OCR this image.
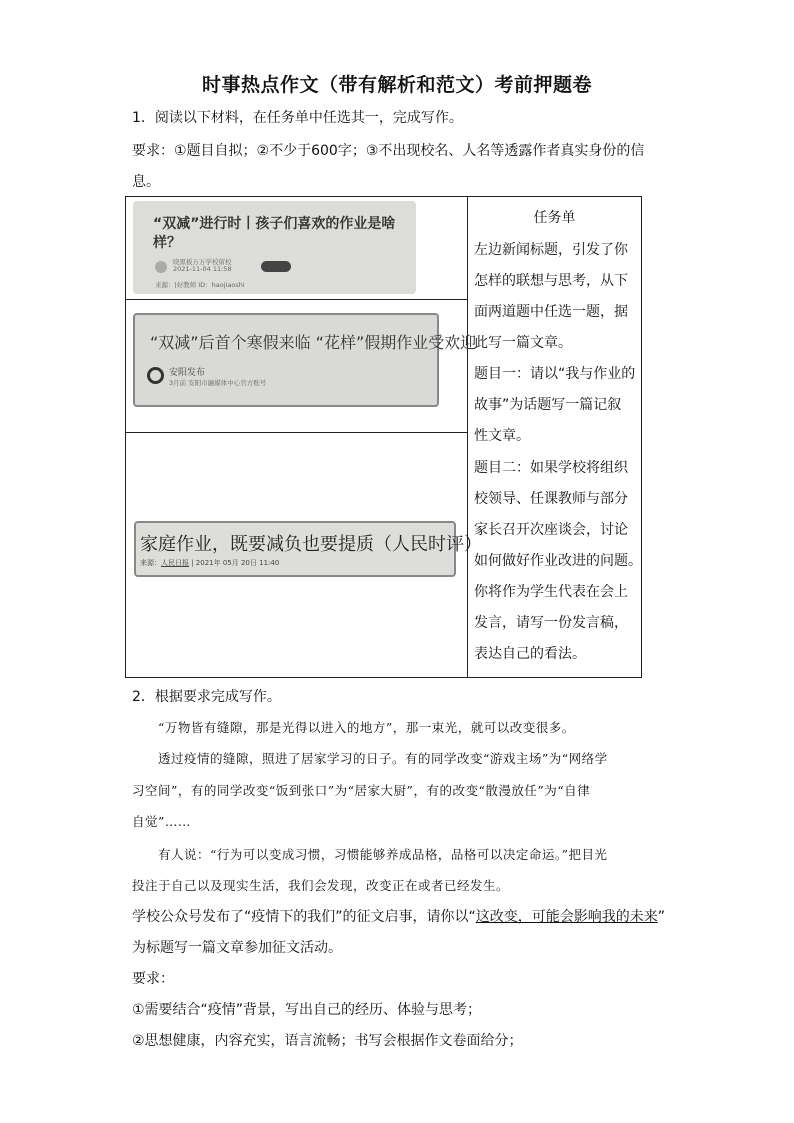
时事热点作文（带有解析和范文）考前押题卷
1．阅读以下材料，在任务单中任选其一，完成写作。
要求：①题目自拟；②不少于600字；③不出现校名、人名等透露作者真实身份的信
息。
“双减”进行时丨孩子们喜欢的作业是啥样？
晓黑板万万学校留校
2021-11-04 11:58
来源：|好教师 ID：haojiaoshi
“双减”后首个寒假来临 “花样”假期作业受欢迎
安阳发布
3月前 安阳市融媒体中心官方账号
家庭作业，既要减负也要提质（人民时评）
来源：人民日报 | 2021年 05月 20日 11:40
任务单
左边新闻标题，引发了你
怎样的联想与思考，从下
面两道题中任选一题，据
此写一篇文章。
题目一：请以“我与作业的
故事”为话题写一篇记叙
性文章。
题目二：如果学校将组织
校领导、任课教师与部分
家长召开次座谈会，讨论
如何做好作业改进的问题。
你将作为学生代表在会上
发言，请写一份发言稿，
表达自己的看法。
2．根据要求完成写作。
“万物皆有缝隙，那是光得以进入的地方”，那一束光，就可以改变很多。
透过疫情的缝隙，照进了居家学习的日子。有的同学改变“游戏主场”为“网络学
习空间”，有的同学改变“饭到张口”为“居家大厨”，有的改变“散漫放任”为“自律
自觉”……
有人说：“行为可以变成习惯，习惯能够养成品格，品格可以决定命运。”把目光
投注于自己以及现实生活，我们会发现，改变正在或者已经发生。
学校公众号发布了“疫情下的我们”的征文启事，请你以“这改变，可能会影响我的未来”
为标题写一篇文章参加征文活动。
要求：
①需要结合“疫情”背景，写出自己的经历、体验与思考；
②思想健康，内容充实，语言流畅；书写会根据作文卷面给分；
